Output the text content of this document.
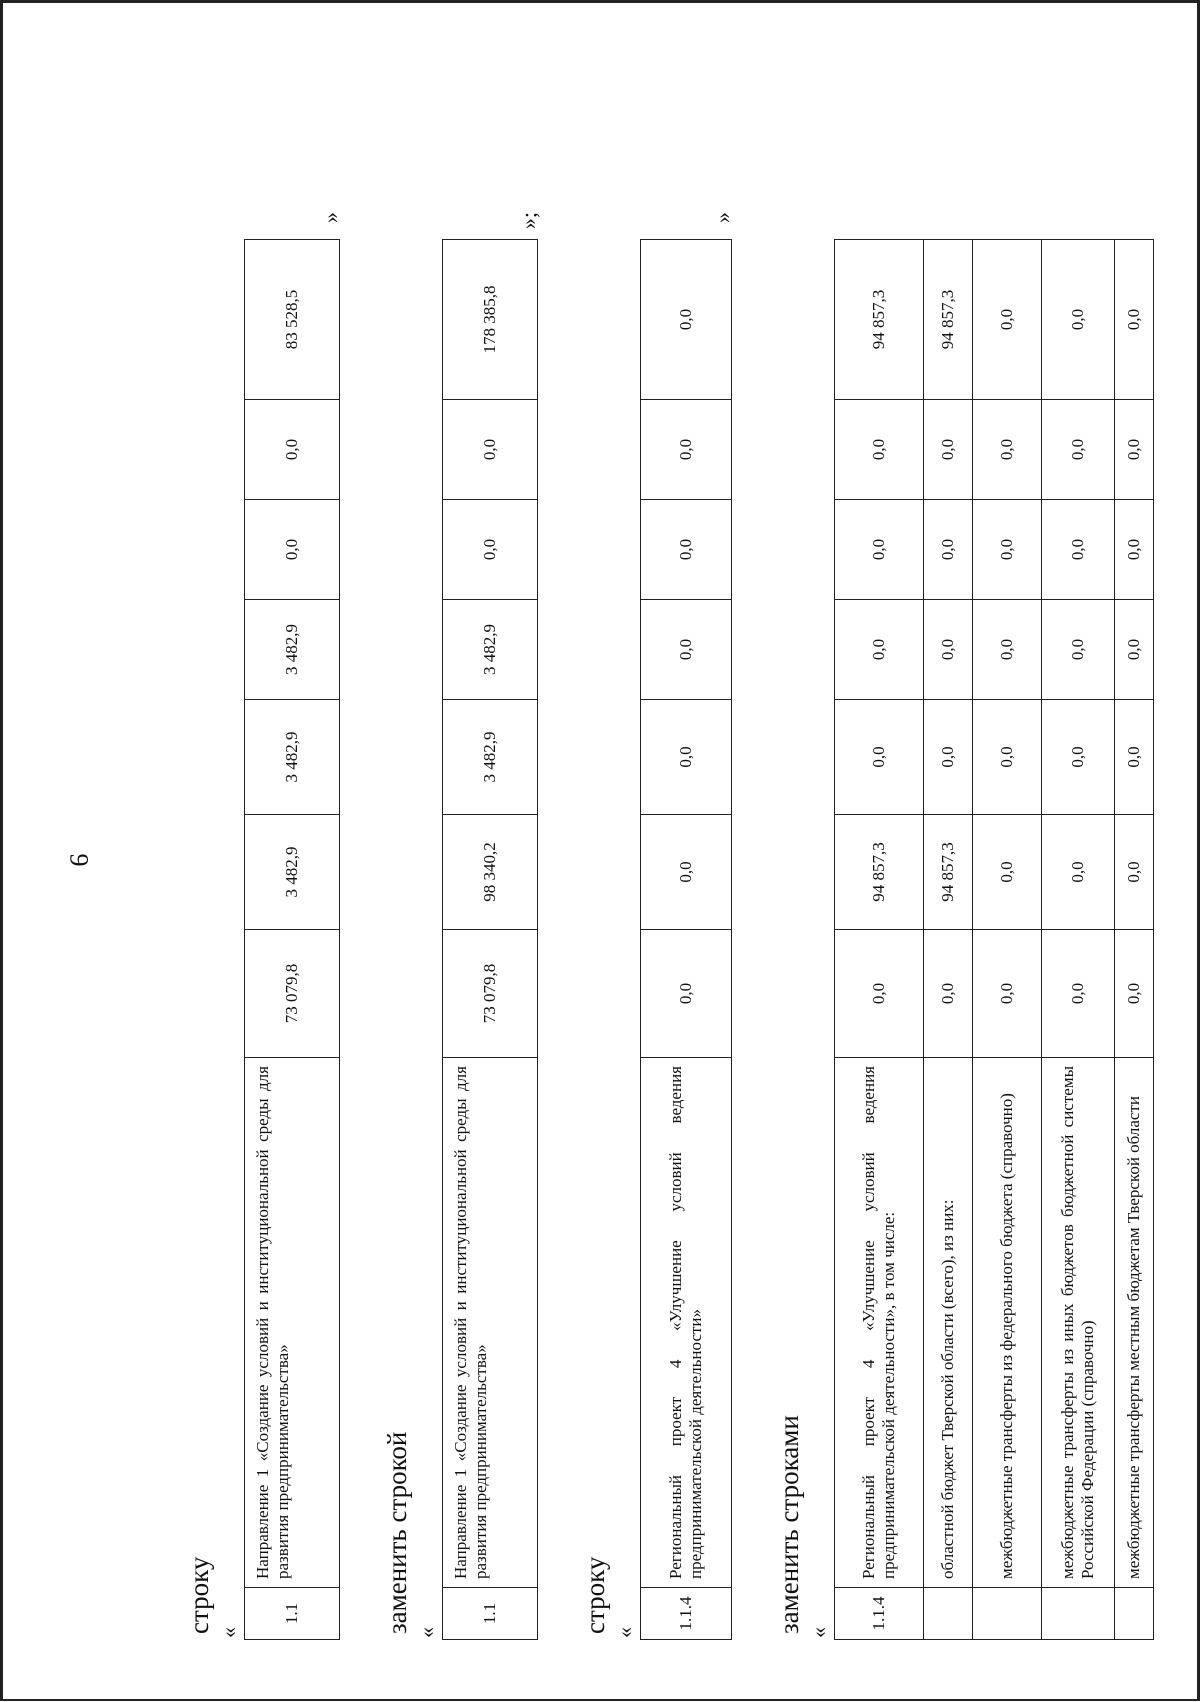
9
строку «
1.1	Направление 1 «Создание условий и институциональной среды для развития предпринимательства»	73 079,8	3 482,9	3 482,9	3 482,9	0,0	0,0	83 528,5
»
заменить строкой «
1.1	Направление 1 «Создание условий и институциональной среды для развития предпринимательства»	73 079,8	98 340,2	3 482,9	3 482,9	0,0	0,0	178 385,8
»;
строку «
1.1.4	Региональный проект 4 «Улучшение условий ведения предпринимательской деятельности»	0,0	0,0	0,0	0,0	0,0	0,0	0,0
»
заменить строками «
1.1.4	Региональный проект 4 «Улучшение условий ведения предпринимательской деятельности», в том числе:	0,0	94 857,3	0,0	0,0	0,0	0,0	94 857,3
	областной бюджет Тверской области (всего), из них:	0,0	94 857,3	0,0	0,0	0,0	0,0	94 857,3
	межбюджетные трансферты из федерального бюджета (справочно)	0,0	0,0	0,0	0,0	0,0	0,0	0,0
	межбюджетные трансферты из иных бюджетов бюджетной системы Российской Федерации (справочно)	0,0	0,0	0,0	0,0	0,0	0,0	0,0
	межбюджетные трансферты местным бюджетам Тверской области	0,0	0,0	0,0	0,0	0,0	0,0	0,0
